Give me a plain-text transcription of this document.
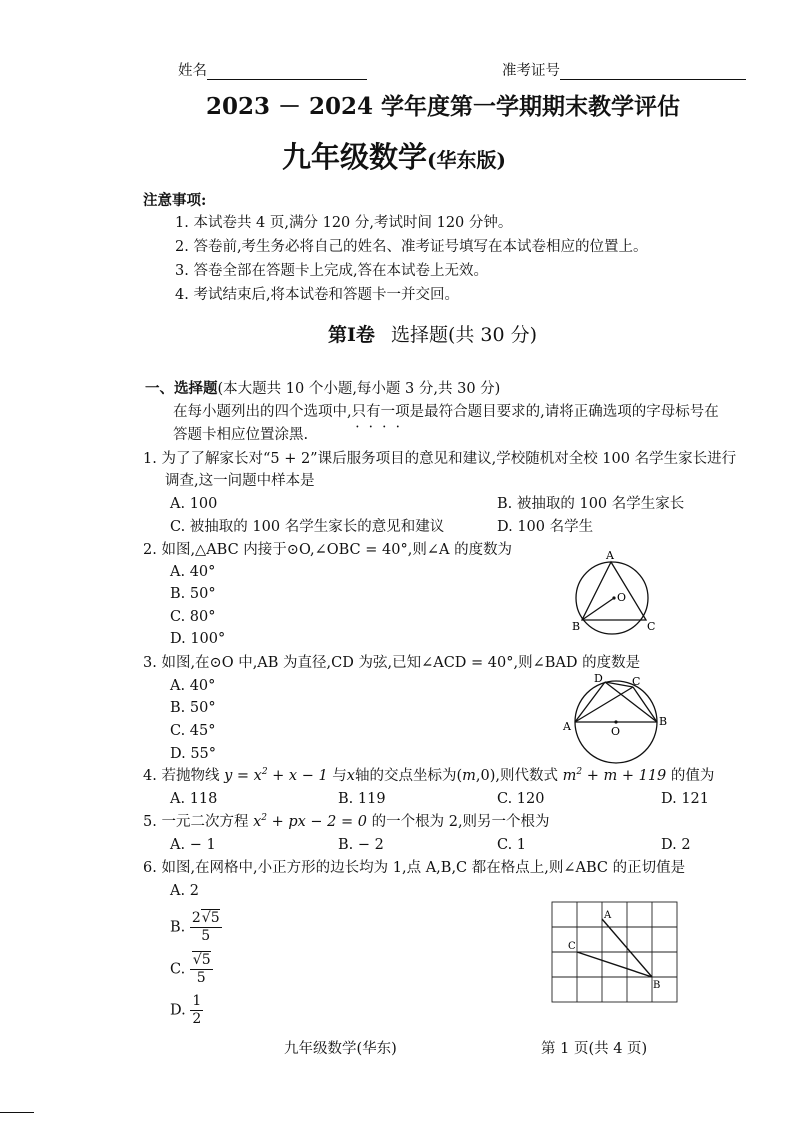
姓名	准考证号
2023 － 2024 学年度第一学期期末教学评估
九年级数学(华东版)
注意事项:
1. 本试卷共 4 页,满分 120 分,考试时间 120 分钟。
2. 答卷前,考生务必将自己的姓名、准考证号填写在本试卷相应的位置上。
3. 答卷全部在答题卡上完成,答在本试卷上无效。
4. 考试结束后,将本试卷和答题卡一并交回。
第Ⅰ卷 选择题(共 30 分)
一、选择题(本大题共 10 个小题,每小题 3 分,共 30 分)
在每小题列出的四个选项中,只有一项 • • • •是最符合题目要求的,请将正确选项的字母标号在
答题卡相应位置涂黑.
1. 为了了解家长对“5 + 2”课后服务项目的意见和建议,学校随机对全校 100 名学生家长进行
调查,这一问题中样本是
A. 100	B. 被抽取的 100 名学生家长
C. 被抽取的 100 名学生家长的意见和建议	D. 100 名学生
2. 如图,△ABC 内接于⊙O,∠OBC = 40°,则∠A 的度数为
A. 40°
B. 50°
C. 80°
D. 100°
A
O
B	C
3. 如图,在⊙O 中,AB 为直径,CD 为弦,已知∠ACD = 40°,则∠BAD 的度数是
A. 40°
B. 50°
C. 45°
D. 55°
D	C
A	B
O
4. 若抛物线 $y = x^2 + x - 1$ 与x轴的交点坐标为(m,0),则代数式 $m^2 + m + 119$ 的值为
A. 118	B. 119	C. 120	D. 121
5. 一元二次方程 $x^2$ + px − 2 = 0 的一个根为 2,则另一个根为
A. − 1	B. − 2	C. 1	D. 2
6. 如图,在网格中,小正方形的边长均为 1,点 A,B,C 都在格点上,则∠ABC 的正切值是
A. 2
B. $\frac{2√5}{5}$
C. $\frac{√5}{5}$
D. $\frac{1}{2}$
A
C
B
九年级数学(华东)	第 1 页(共 4 页)
